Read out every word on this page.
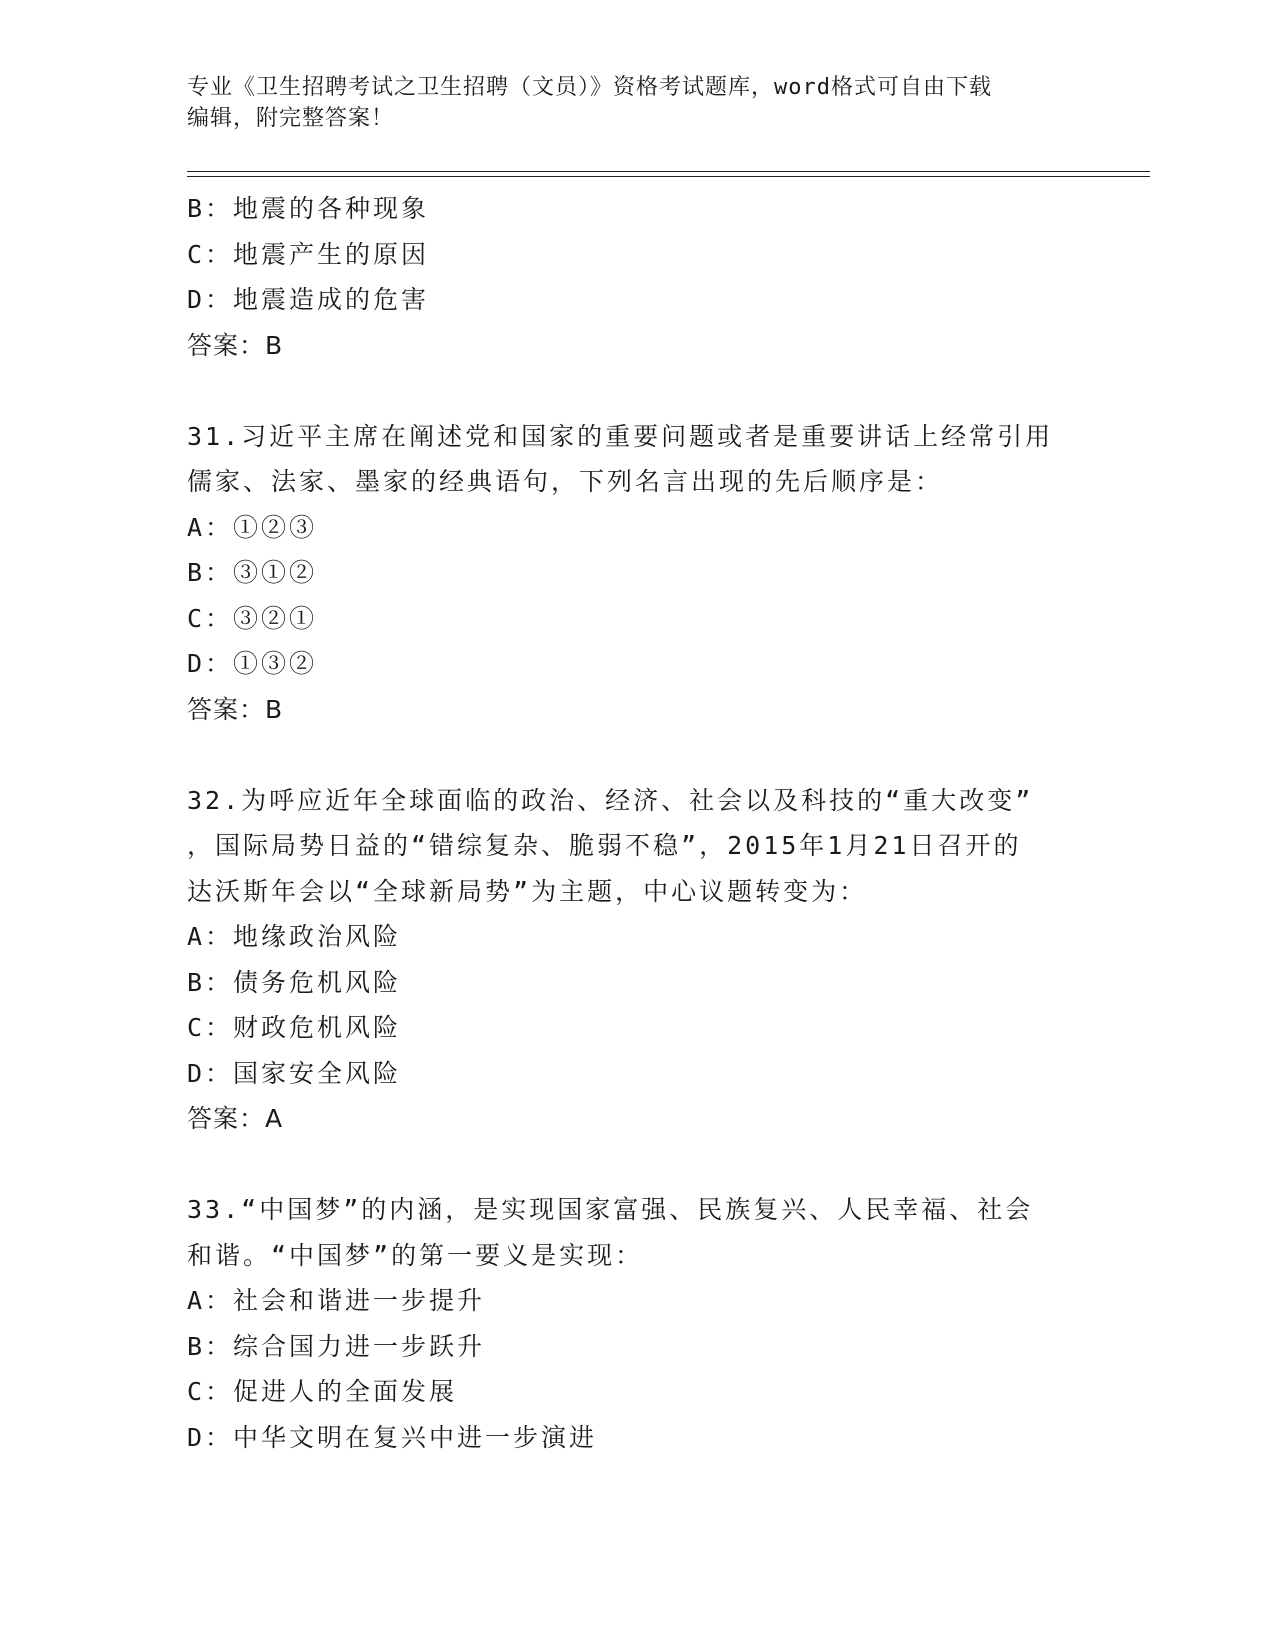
专业《卫生招聘考试之卫生招聘（文员）》资格考试题库，word格式可自由下载
编辑，附完整答案！
B：地震的各种现象
C：地震产生的原因
D：地震造成的危害
答案：B
31.习近平主席在阐述党和国家的重要问题或者是重要讲话上经常引用
儒家、法家、墨家的经典语句，下列名言出现的先后顺序是：
A：①②③
B：③①②
C：③②①
D：①③②
答案：B
32.为呼应近年全球面临的政治、经济、社会以及科技的“重大改变”
，国际局势日益的“错综复杂、脆弱不稳”，2015年1月21日召开的
达沃斯年会以“全球新局势”为主题，中心议题转变为：
A：地缘政治风险
B：债务危机风险
C：财政危机风险
D：国家安全风险
答案：A
33.“中国梦”的内涵，是实现国家富强、民族复兴、人民幸福、社会
和谐。“中国梦”的第一要义是实现：
A：社会和谐进一步提升
B：综合国力进一步跃升
C：促进人的全面发展
D：中华文明在复兴中进一步演进
